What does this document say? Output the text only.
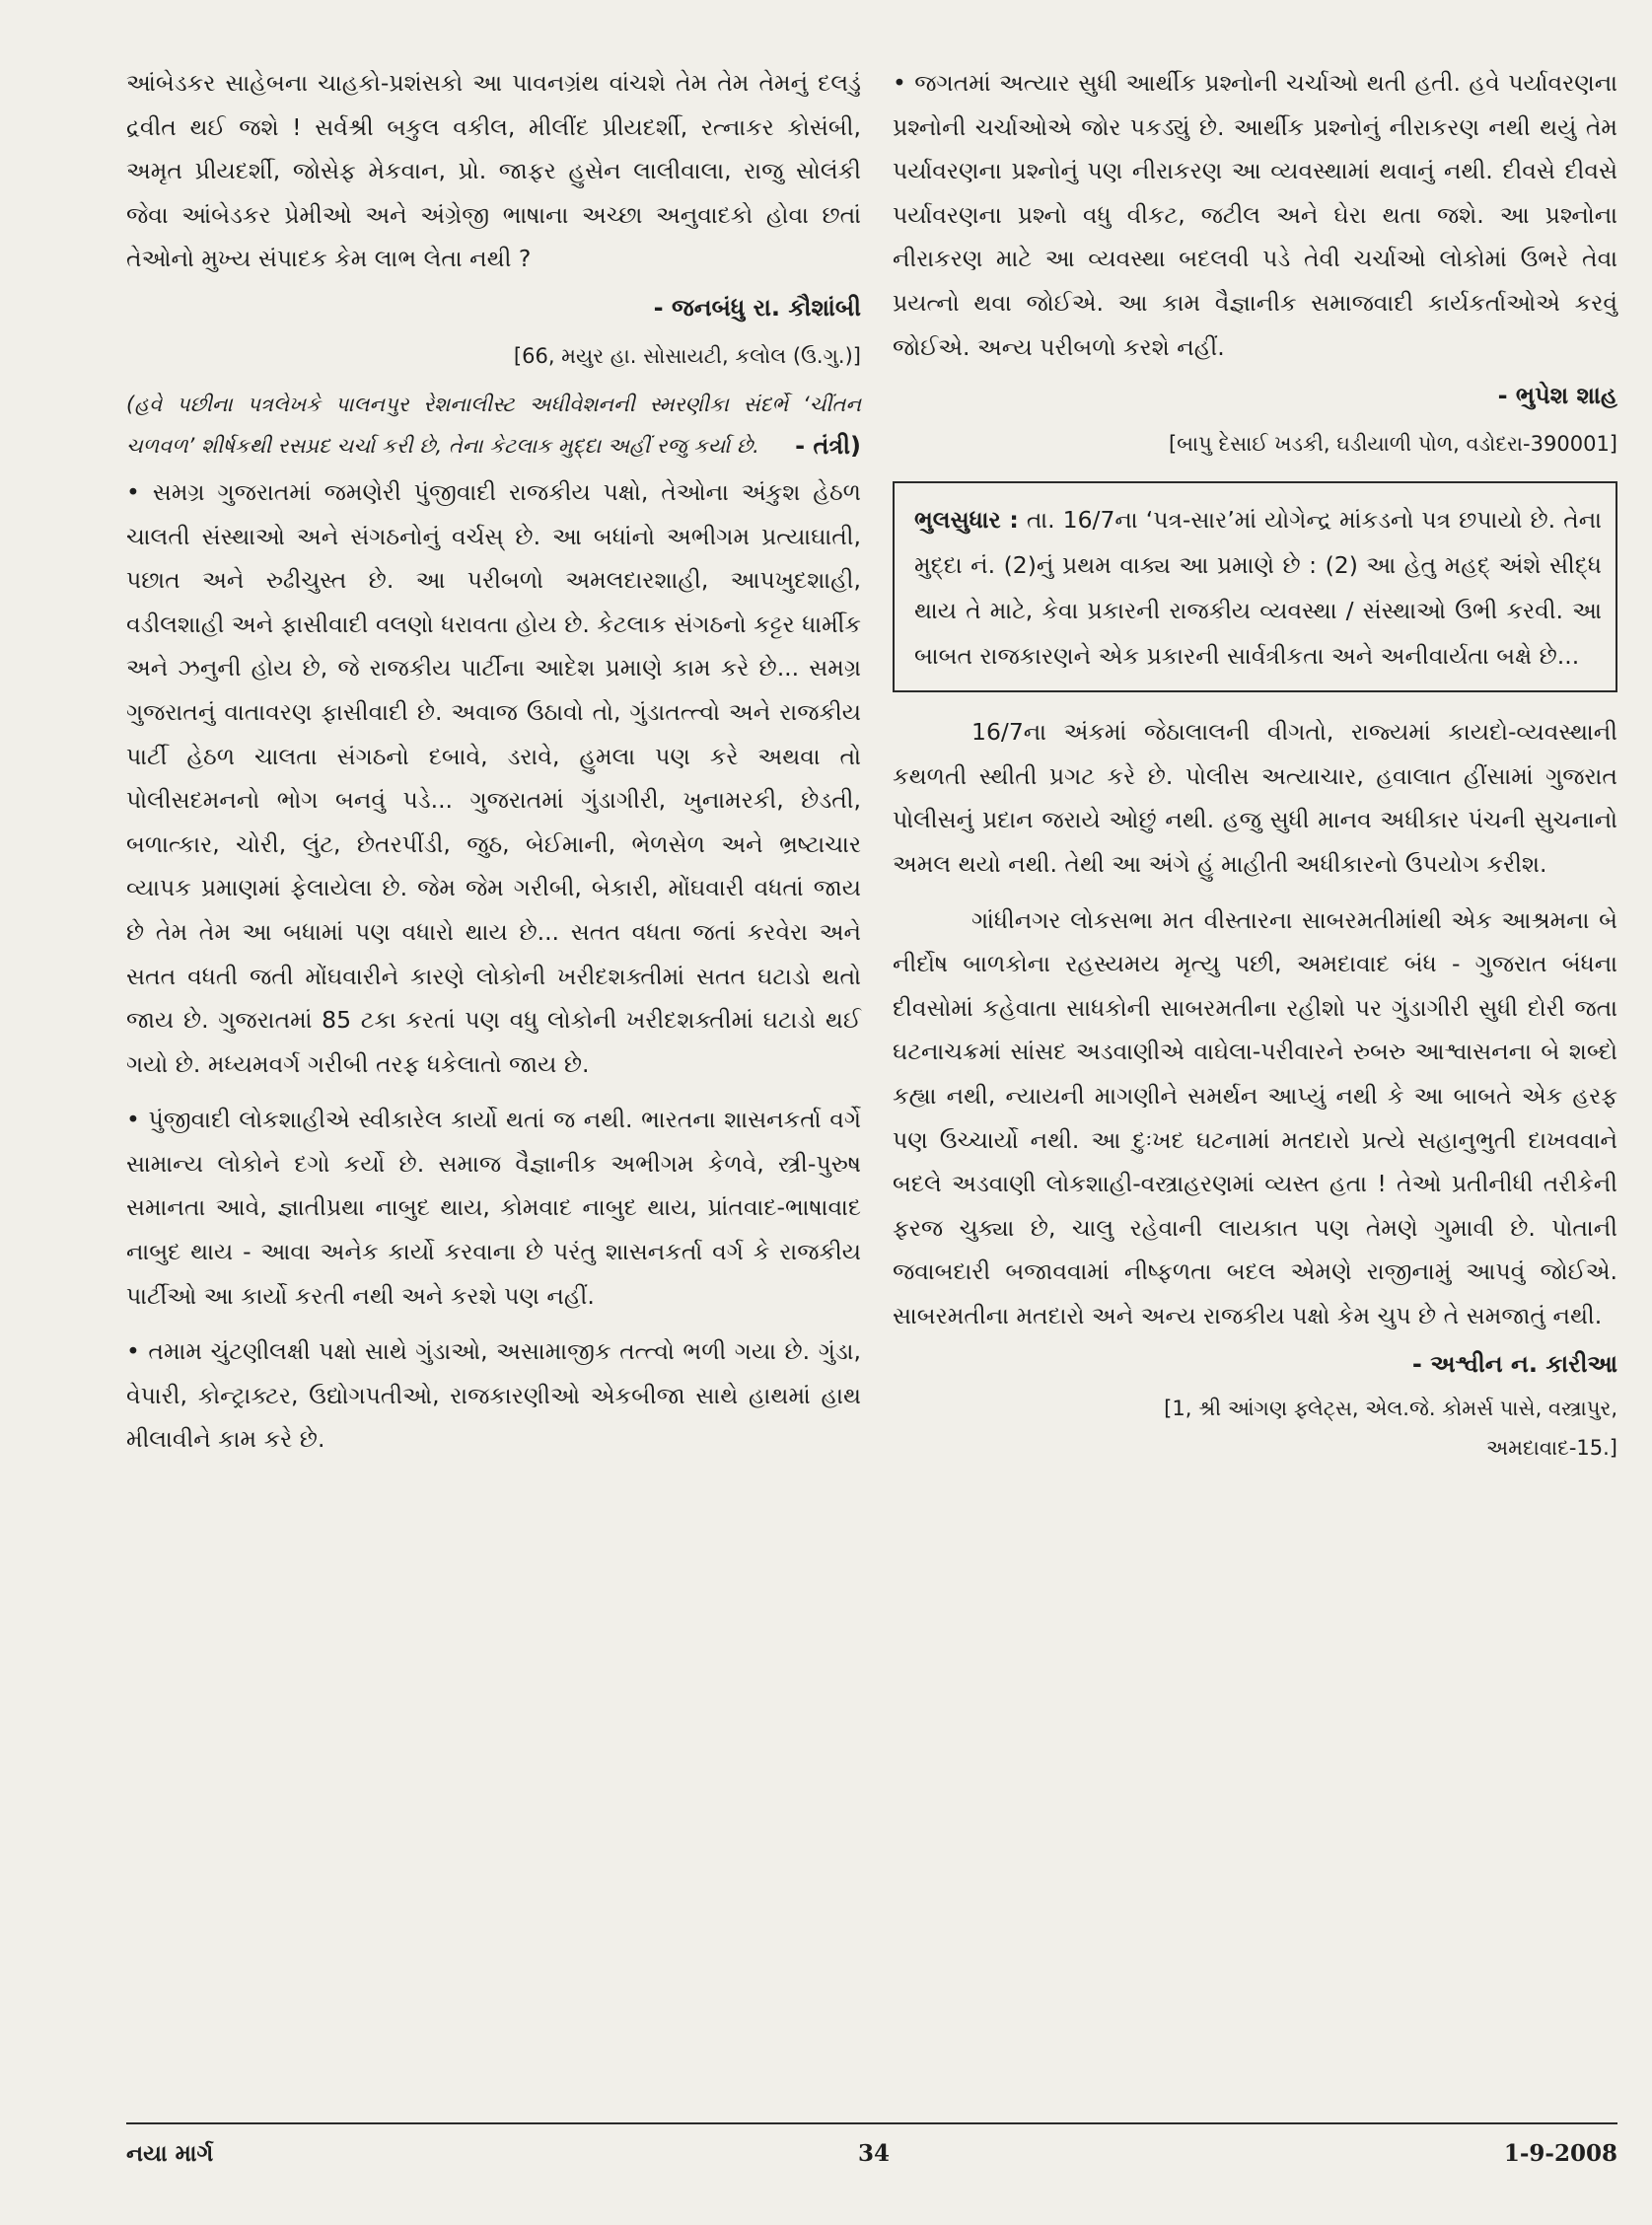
આંબેડકર સાહેબના ચાહકો-પ્રશંસકો આ પાવનગ્રંથ વાંચશે તેમ તેમ તેમનું દલડું દ્રવીત થઈ જશે ! સર્વશ્રી બકુલ વકીલ, મીલીંદ પ્રીયદર્શી, રત્નાકર કોસંબી, અમૃત પ્રીયદર્શી, જોસેફ મેકવાન, પ્રો. જાફર હુસેન લાલીવાલા, રાજુ સોલંકી જેવા આંબેડકર પ્રેમીઓ અને અંગ્રેજી ભાષાના અચ્છા અનુવાદકો હોવા છતાં તેઓનો મુખ્ય સંપાદક કેમ લાભ લેતા નથી ?

- જનબંધુ રા. કૌશાંબી

[66, મયુર હા. સોસાયટી, કલોલ (ઉ.ગુ.)]

(હવે પછીના પત્રલેખકે પાલનપુર રેશનાલીસ્ટ અધીવેશનની સ્મરણીકા સંદર્ભે ‘ચીંતન ચળવળ’ શીર્ષકથી રસપ્રદ ચર્ચા કરી છે, તેના કેટલાક મુદ્દા અહીં રજુ કર્યા છે. - તંત્રી)

• સમગ્ર ગુજરાતમાં જમણેરી પુંજીવાદી રાજકીય પક્ષો, તેઓના અંકુશ હેઠળ ચાલતી સંસ્થાઓ અને સંગઠનોનું વર્ચસ્ છે. આ બધાંનો અભીગમ પ્રત્યાઘાતી, પછાત અને રુઢીચુસ્ત છે. આ પરીબળો અમલદારશાહી, આપખુદશાહી, વડીલશાહી અને ફાસીવાદી વલણો ધરાવતા હોય છે. કેટલાક સંગઠનો કટ્ટર ધાર્મીક અને ઝનુની હોય છે, જે રાજકીય પાર્ટીના આદેશ પ્રમાણે કામ કરે છે... સમગ્ર ગુજરાતનું વાતાવરણ ફાસીવાદી છે. અવાજ ઉઠાવો તો, ગુંડાતત્ત્વો અને રાજકીય પાર્ટી હેઠળ ચાલતા સંગઠનો દબાવે, ડરાવે, હુમલા પણ કરે અથવા તો પોલીસદમનનો ભોગ બનવું પડે... ગુજરાતમાં ગુંડાગીરી, ખુનામરકી, છેડતી, બળાત્કાર, ચોરી, લુંટ, છેતરપીંડી, જુઠ, બેઈમાની, ભેળસેળ અને ભ્રષ્ટાચાર વ્યાપક પ્રમાણમાં ફેલાયેલા છે. જેમ જેમ ગરીબી, બેકારી, મોંઘવારી વધતાં જાય છે તેમ તેમ આ બધામાં પણ વધારો થાય છે... સતત વધતા જતાં કરવેરા અને સતત વધતી જતી મોંઘવારીને કારણે લોકોની ખરીદશક્તીમાં સતત ઘટાડો થતો જાય છે. ગુજરાતમાં 85 ટકા કરતાં પણ વધુ લોકોની ખરીદશક્તીમાં ઘટાડો થઈ ગયો છે. મધ્યમવર્ગ ગરીબી તરફ ધકેલાતો જાય છે.

• પુંજીવાદી લોકશાહીએ સ્વીકારેલ કાર્યો થતાં જ નથી. ભારતના શાસનકર્તા વર્ગે સામાન્ય લોકોને દગો કર્યો છે. સમાજ વૈજ્ઞાનીક અભીગમ કેળવે, સ્ત્રી-પુરુષ સમાનતા આવે, જ્ઞાતીપ્રથા નાબુદ થાય, કોમવાદ નાબુદ થાય, પ્રાંતવાદ-ભાષાવાદ નાબુદ થાય - આવા અનેક કાર્યો કરવાના છે પરંતુ શાસનકર્તા વર્ગ કે રાજકીય પાર્ટીઓ આ કાર્યો કરતી નથી અને કરશે પણ નહીં.

• તમામ ચુંટણીલક્ષી પક્ષો સાથે ગુંડાઓ, અસામાજીક તત્ત્વો ભળી ગયા છે. ગુંડા, વેપારી, કોન્ટ્રાક્ટર, ઉદ્યોગપતીઓ, રાજકારણીઓ એકબીજા સાથે હાથમાં હાથ મીલાવીને કામ કરે છે.

• જગતમાં અત્યાર સુધી આર્થીક પ્રશ્નોની ચર્ચાઓ થતી હતી. હવે પર્યાવરણના પ્રશ્નોની ચર્ચાઓએ જોર પકડ્યું છે. આર્થીક પ્રશ્નોનું નીરાકરણ નથી થયું તેમ પર્યાવરણના પ્રશ્નોનું પણ નીરાકરણ આ વ્યવસ્થામાં થવાનું નથી. દીવસે દીવસે પર્યાવરણના પ્રશ્નો વધુ વીકટ, જટીલ અને ઘેરા થતા જશે. આ પ્રશ્નોના નીરાકરણ માટે આ વ્યવસ્થા બદલવી પડે તેવી ચર્ચાઓ લોકોમાં ઉભરે તેવા પ્રયત્નો થવા જોઈએ. આ કામ વૈજ્ઞાનીક સમાજવાદી કાર્યકર્તાઓએ કરવું જોઈએ. અન્ય પરીબળો કરશે નહીં.

- ભુપેશ શાહ

[બાપુ દેસાઈ ખડકી, ઘડીયાળી પોળ, વડોદરા-390001]

ભુલસુધાર : તા. 16/7ના ‘પત્ર-સાર’માં યોગેન્દ્ર માંકડનો પત્ર છપાયો છે. તેના મુદ્દા નં. (2)નું પ્રથમ વાક્ય આ પ્રમાણે છે : (2) આ હેતુ મહદ્ અંશે સીદ્ધ થાય તે માટે, કેવા પ્રકારની રાજકીય વ્યવસ્થા / સંસ્થાઓ ઉભી કરવી. આ બાબત રાજકારણને એક પ્રકારની સાર્વત્રીકતા અને અનીવાર્યતા બક્ષે છે...

16/7ના અંકમાં જેઠાલાલની વીગતો, રાજ્યમાં કાયદો-વ્યવસ્થાની કથળતી સ્થીતી પ્રગટ કરે છે. પોલીસ અત્યાચાર, હવાલાત હીંસામાં ગુજરાત પોલીસનું પ્રદાન જરાયે ઓછું નથી. હજુ સુધી માનવ અધીકાર પંચની સુચનાનો અમલ થયો નથી. તેથી આ અંગે હું માહીતી અધીકારનો ઉપયોગ કરીશ.

ગાંધીનગર લોકસભા મત વીસ્તારના સાબરમતીમાંથી એક આશ્રમના બે નીર્દોષ બાળકોના રહસ્યમય મૃત્યુ પછી, અમદાવાદ બંધ - ગુજરાત બંધના દીવસોમાં કહેવાતા સાધકોની સાબરમતીના રહીશો પર ગુંડાગીરી સુધી દોરી જતા ઘટનાચક્રમાં સાંસદ અડવાણીએ વાઘેલા-પરીવારને રુબરુ આશ્વાસનના બે શબ્દો કહ્યા નથી, ન્યાયની માગણીને સમર્થન આપ્યું નથી કે આ બાબતે એક હરફ પણ ઉચ્ચાર્યો નથી. આ દુઃખદ ઘટનામાં મતદારો પ્રત્યે સહાનુભુતી દાખવવાને બદલે અડવાણી લોકશાહી-વસ્ત્રાહરણમાં વ્યસ્ત હતા ! તેઓ પ્રતીનીધી તરીકેની ફરજ ચુક્યા છે, ચાલુ રહેવાની લાયકાત પણ તેમણે ગુમાવી છે. પોતાની જવાબદારી બજાવવામાં નીષ્ફળતા બદલ એમણે રાજીનામું આપવું જોઈએ. સાબરમતીના મતદારો અને અન્ય રાજકીય પક્ષો કેમ ચુપ છે તે સમજાતું નથી.

- અશ્વીન ન. કારીઆ

[1, શ્રી આંગણ ફ્લેટ્સ, એલ.જે. કોમર્સ પાસે, વસ્ત્રાપુર,

અમદાવાદ-15.]

નયા માર્ગ	34	1-9-2008
